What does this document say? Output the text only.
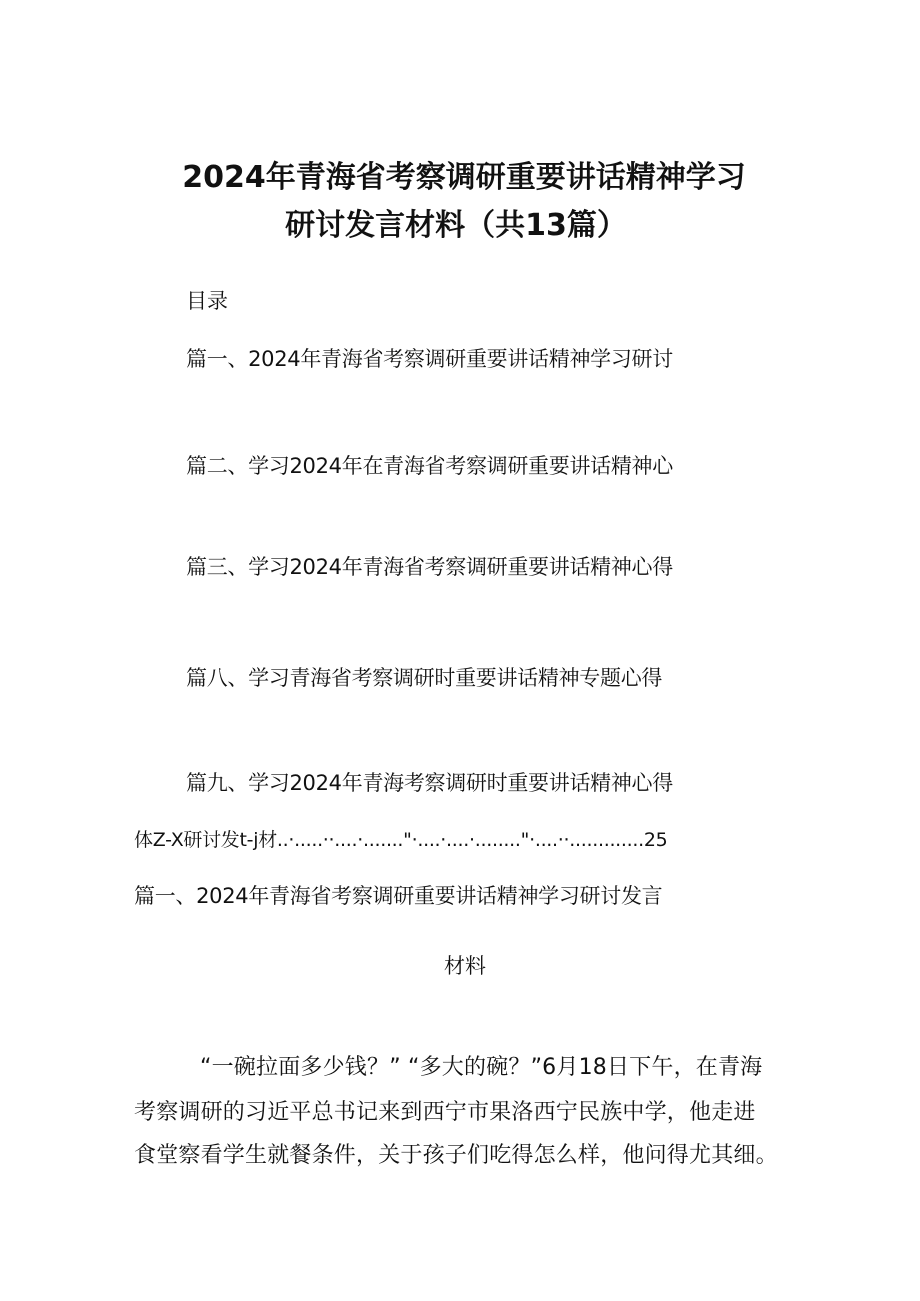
2024年青海省考察调研重要讲话精神学习
研讨发言材料（共13篇）
目录
篇一、2024年青海省考察调研重要讲话精神学习研讨
篇二、学习2024年在青海省考察调研重要讲话精神心
篇三、学习2024年青海省考察调研重要讲话精神心得
篇八、学习青海省考察调研时重要讲话精神专题心得
篇九、学习2024年青海考察调研时重要讲话精神心得
体Z-X研讨发t-j材..·.....··....·......."·....·....·........"·....··.............25
篇一、2024年青海省考察调研重要讲话精神学习研讨发言
材料
“一碗拉面多少钱？” “多大的碗？”6月18日下午，在青海
考察调研的习近平总书记来到西宁市果洛西宁民族中学，他走进
食堂察看学生就餐条件，关于孩子们吃得怎么样，他问得尤其细。
